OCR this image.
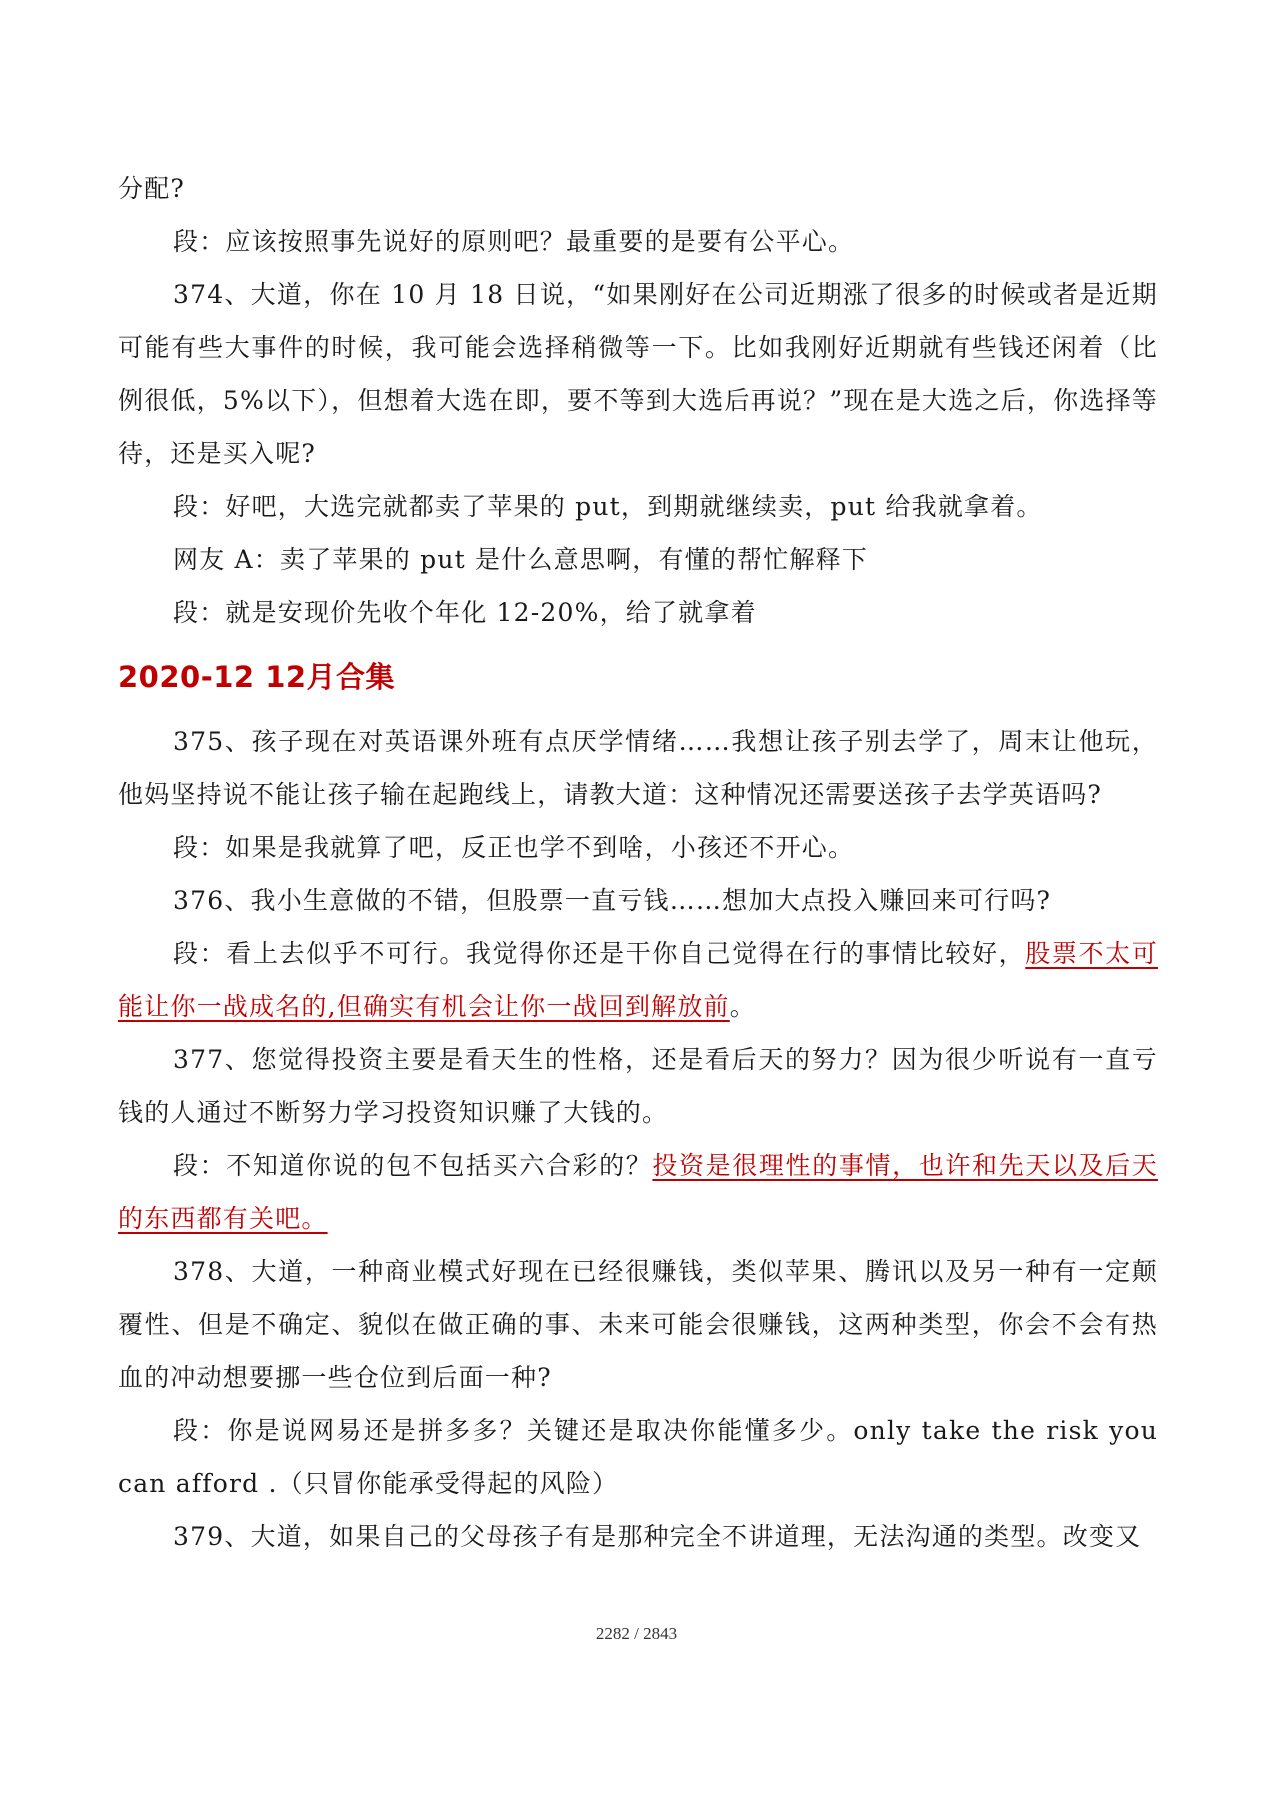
分配?

段：应该按照事先说好的原则吧？最重要的是要有公平心。

374、大道，你在 10 月 18 日说，“如果刚好在公司近期涨了很多的时候或者是近期可能有些大事件的时候，我可能会选择稍微等一下。比如我刚好近期就有些钱还闲着（比例很低，5%以下），但想着大选在即，要不等到大选后再说？”现在是大选之后，你选择等待，还是买入呢?

段：好吧，大选完就都卖了苹果的 put，到期就继续卖，put 给我就拿着。

网友 A：卖了苹果的 put 是什么意思啊，有懂的帮忙解释下

段：就是安现价先收个年化 12-20%，给了就拿着

2020-12 12月合集

375、孩子现在对英语课外班有点厌学情绪……我想让孩子别去学了，周末让他玩，他妈坚持说不能让孩子输在起跑线上，请教大道：这种情况还需要送孩子去学英语吗?

段：如果是我就算了吧，反正也学不到啥，小孩还不开心。

376、我小生意做的不错，但股票一直亏钱……想加大点投入赚回来可行吗?

段：看上去似乎不可行。我觉得你还是干你自己觉得在行的事情比较好，股票不太可能让你一战成名的,但确实有机会让你一战回到解放前。

377、您觉得投资主要是看天生的性格，还是看后天的努力？因为很少听说有一直亏钱的人通过不断努力学习投资知识赚了大钱的。

段：不知道你说的包不包括买六合彩的？投资是很理性的事情，也许和先天以及后天的东西都有关吧。

378、大道，一种商业模式好现在已经很赚钱，类似苹果、腾讯以及另一种有一定颠覆性、但是不确定、貌似在做正确的事、未来可能会很赚钱，这两种类型，你会不会有热血的冲动想要挪一些仓位到后面一种?

段：你是说网易还是拼多多？关键还是取决你能懂多少。only take the risk you can afford .（只冒你能承受得起的风险）

379、大道，如果自己的父母孩子有是那种完全不讲道理，无法沟通的类型。改变又

2282 / 2843
